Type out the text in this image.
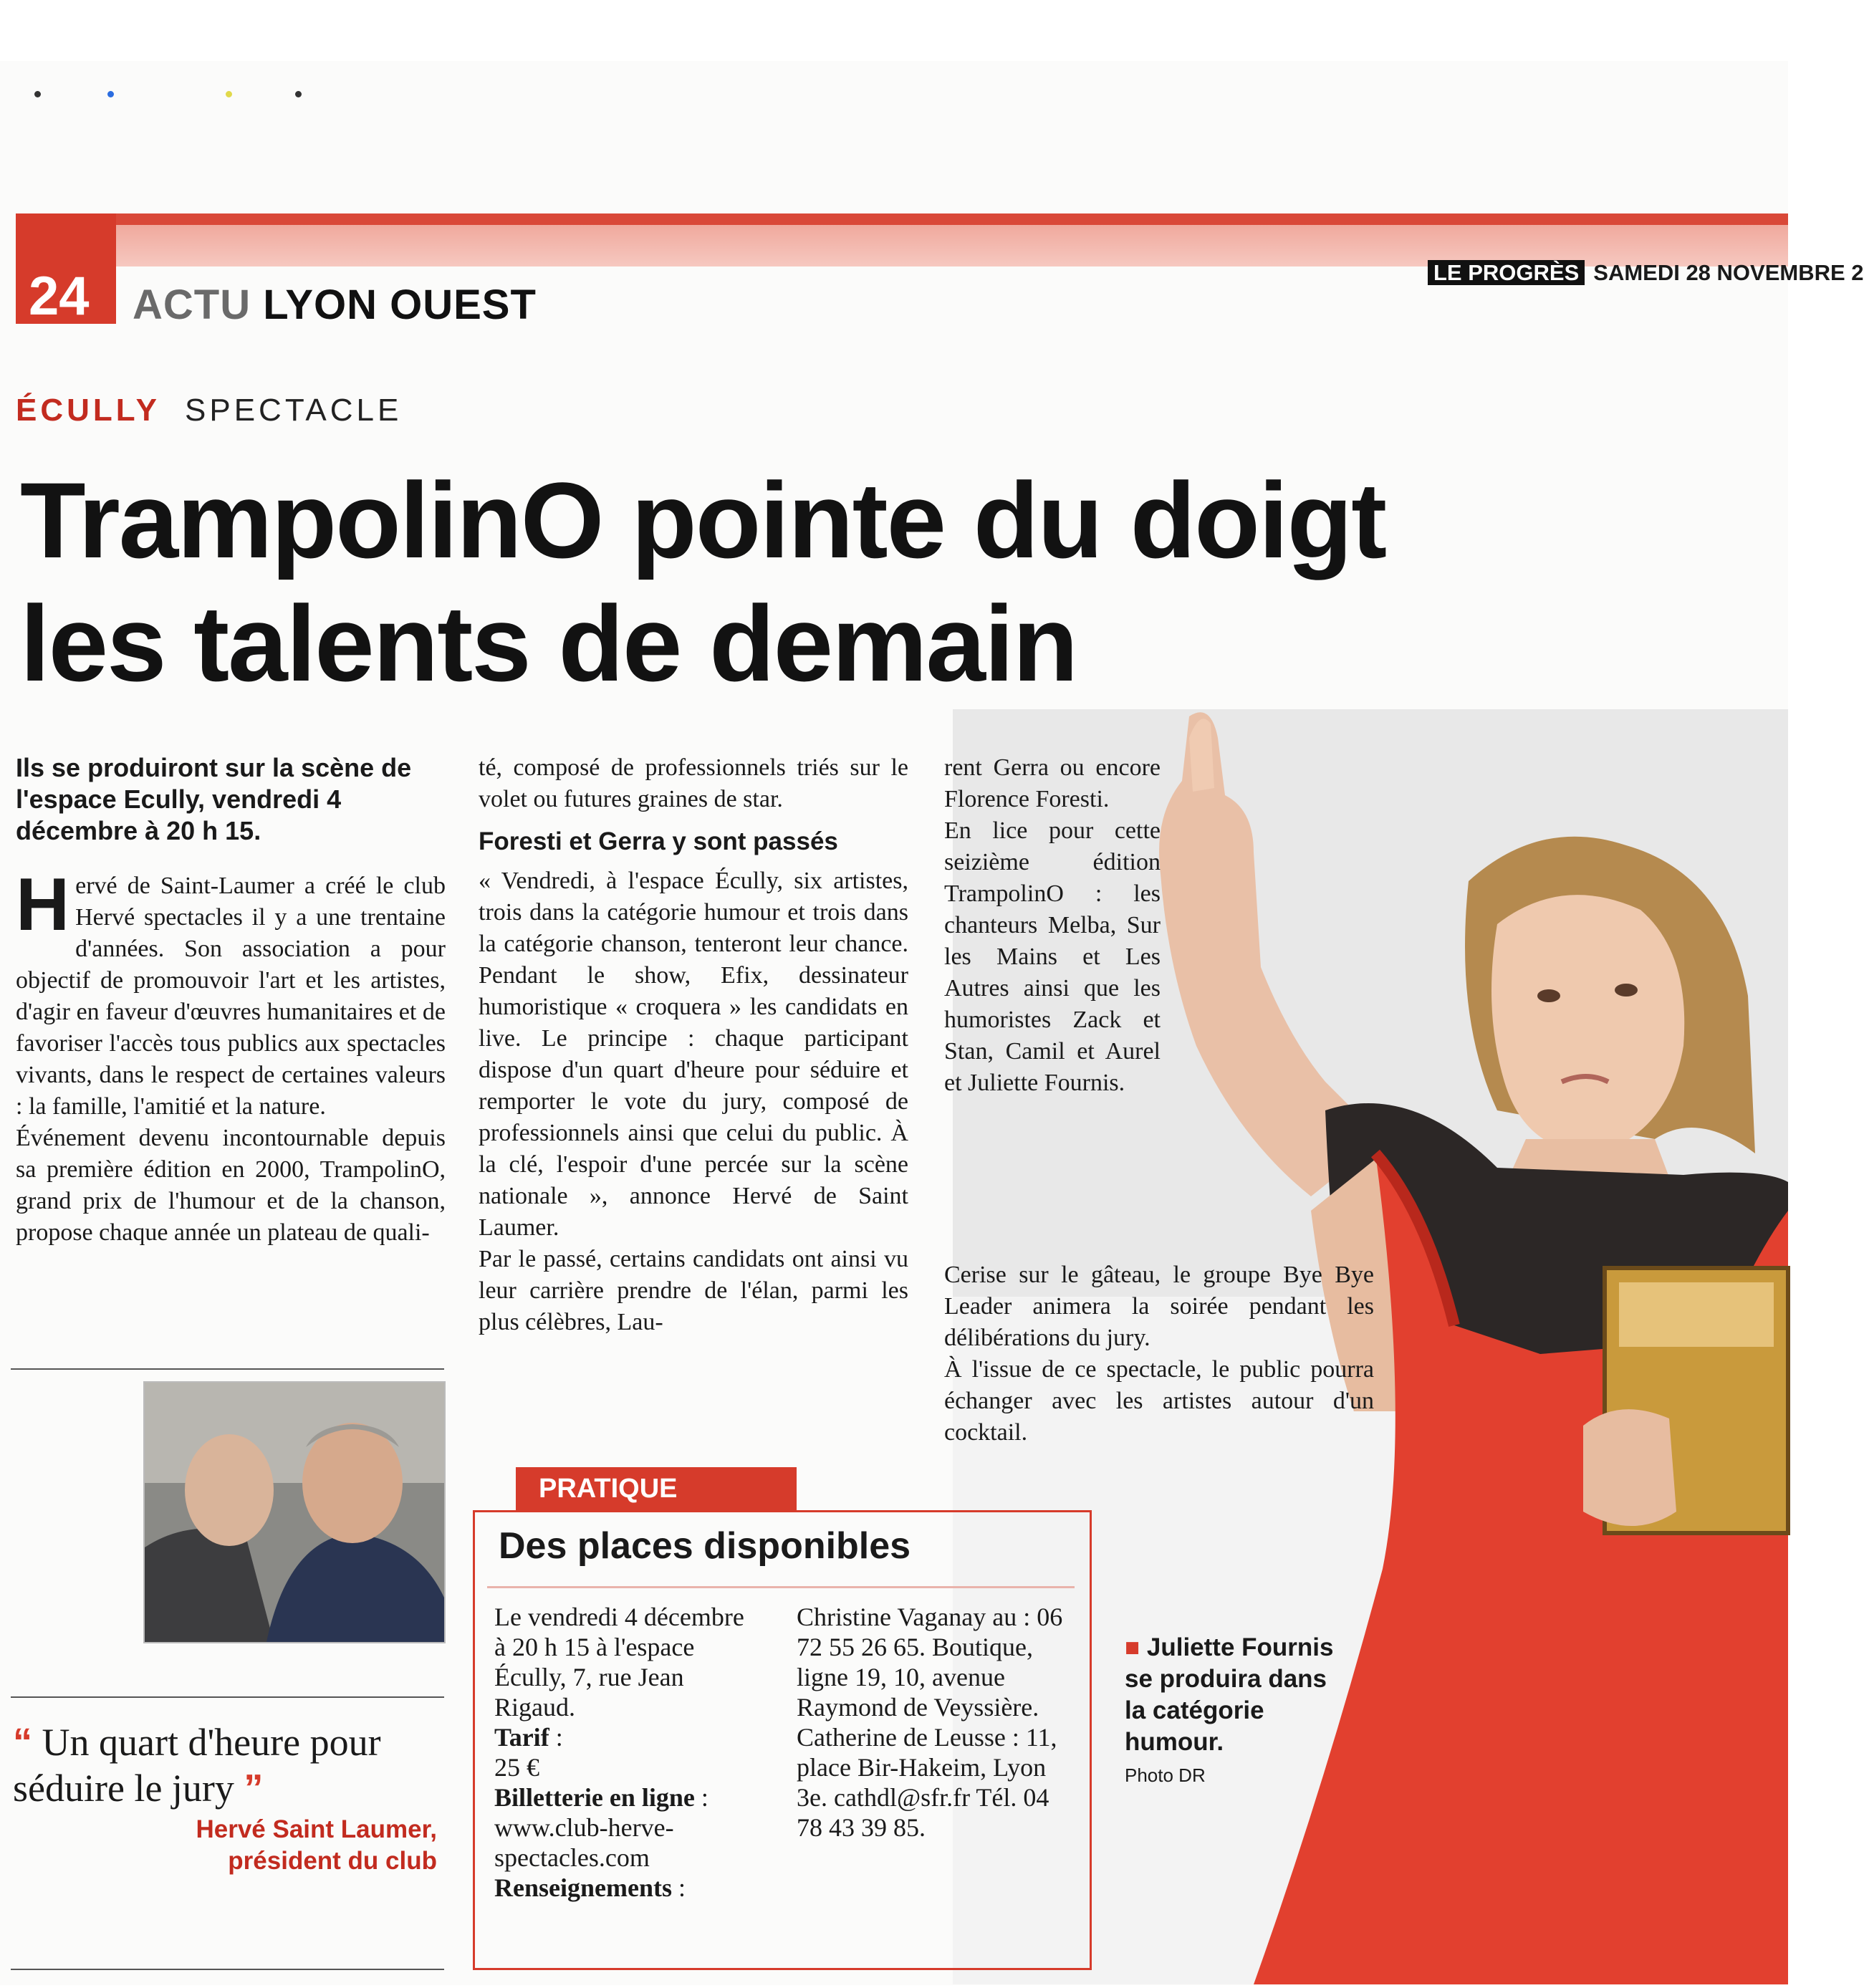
24 ACTU LYON OUEST
LE PROGRÈS SAMEDI 28 NOVEMBRE 2
ÉCULLY SPECTACLE
TrampolinO pointe du doigt
les talents de demain
Ils se produiront sur la scène de l'espace Ecully, vendredi 4 décembre à 20 h 15.

Hervé de Saint-Laumer a créé le club Hervé spectacles il y a une trentaine d'années. Son association a pour objectif de promouvoir l'art et les artistes, d'agir en faveur d'œuvres humanitaires et de favoriser l'accès tous publics aux spectacles vivants, dans le respect de certaines valeurs : la famille, l'amitié et la nature.

Événement devenu incontournable depuis sa première édition en 2000, TrampolinO, grand prix de l'humour et de la chanson, propose chaque année un plateau de quali-

“ Un quart d'heure pour séduire le jury ”
Hervé Saint Laumer, président du club

té, composé de professionnels triés sur le volet ou futures graines de star.

Foresti et Gerra y sont passés

« Vendredi, à l'espace Écully, six artistes, trois dans la catégorie humour et trois dans la catégorie chanson, tenteront leur chance. Pendant le show, Efix, dessinateur humoristique « croquera » les candidats en live. Le principe : chaque participant dispose d'un quart d'heure pour séduire et remporter le vote du jury, composé de professionnels ainsi que celui du public. À la clé, l'espoir d'une percée sur la scène nationale », annonce Hervé de Saint Laumer.

Par le passé, certains candidats ont ainsi vu leur carrière prendre de l'élan, parmi les plus célèbres, Lau-

rent Gerra ou encore Florence Foresti.

En lice pour cette seizième édition TrampolinO : les chanteurs Melba, Sur les Mains et Les Autres ainsi que les humoristes Zack et Stan, Camil et Aurel et Juliette Fournis.

Cerise sur le gâteau, le groupe Bye Bye Leader animera la soirée pendant les délibérations du jury.

À l'issue de ce spectacle, le public pourra échanger avec les artistes autour d'un cocktail.

PRATIQUE
Des places disponibles
Le vendredi 4 décembre à 20 h 15 à l'espace Écully, 7, rue Jean Rigaud.
Tarif :
25 €
Billetterie en ligne :
www.club-herve-spectacles.com
Renseignements :
Christine Vaganay au : 06 72 55 26 65. Boutique, ligne 19, 10, avenue Raymond de Veyssière. Catherine de Leusse : 11, place Bir-Hakeim, Lyon 3e. cathdl@sfr.fr Tél. 04 78 43 39 85.
■ Juliette Fournis se produira dans la catégorie humour.
Photo DR
